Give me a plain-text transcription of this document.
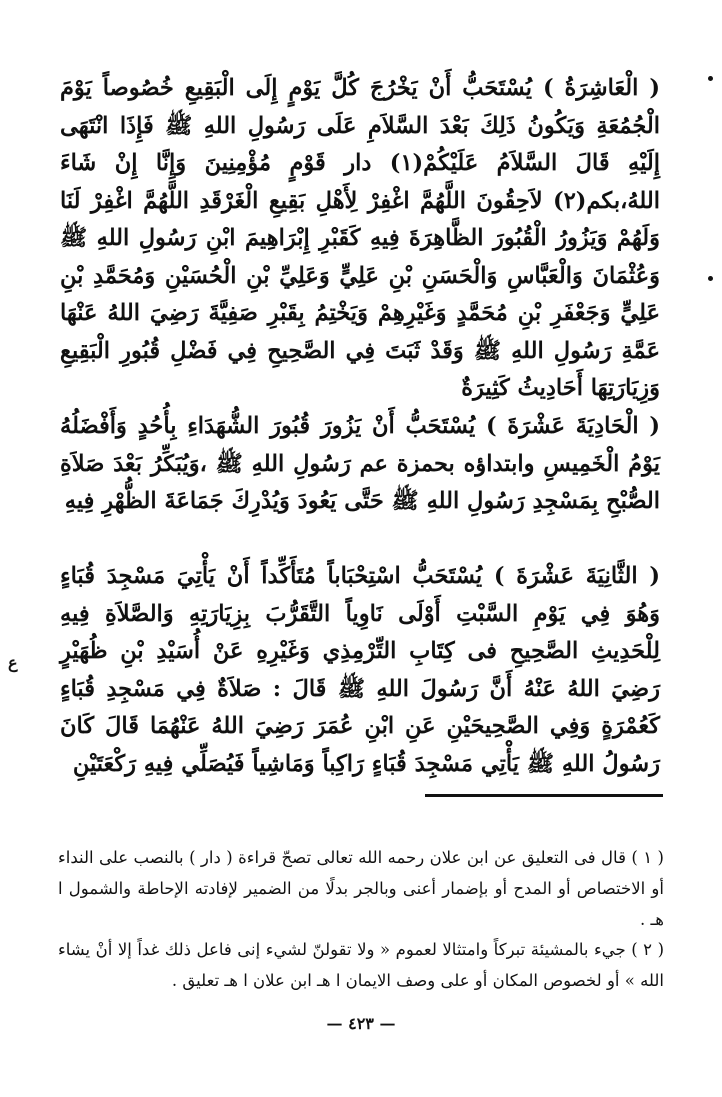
ع

( الْعَاشِرَةُ ) يُسْتَحَبُّ أَنْ يَخْرُجَ كُلَّ يَوْمٍ إِلَى الْبَقِيعِ خُصُوصاً يَوْمَ الْجُمُعَةِ وَيَكُونُ ذَلِكَ بَعْدَ السَّلاَمِ عَلَى رَسُولِ اللهِ ﷺ فَإِذَا انْتَهَى إِلَيْهِ قَالَ السَّلاَمُ عَلَيْكُمْ(١) دار قَوْمٍ مُؤْمِنِينَ وَإِنَّا إِنْ شَاءَ اللهُ،بكم(٢) لاَحِقُونَ اللَّهُمَّ اغْفِرْ لِأَهْلِ بَقِيعِ الْغَرْقَدِ اللَّهُمَّ اغْفِرْ لَنَا وَلَهُمْ وَيَزُورُ الْقُبُورَ الظَّاهِرَةَ فِيهِ كَقَبْرِ إِبْرَاهِيمَ ابْنِ رَسُولِ اللهِ ﷺ وَعُثْمَانَ وَالْعَبَّاسِ وَالْحَسَنِ بْنِ عَلِيٍّ وَعَلِيِّ بْنِ الْحُسَيْنِ وَمُحَمَّدِ بْنِ عَلِيٍّ وَجَعْفَرِ بْنِ مُحَمَّدٍ وَغَيْرِهِمْ وَيَخْتِمُ بِقَبْرِ صَفِيَّةَ رَضِيَ اللهُ عَنْهَا عَمَّةِ رَسُولِ اللهِ ﷺ وَقَدْ ثَبَتَ فِي الصَّحِيحِ فِي فَضْلِ قُبُورِ الْبَقِيعِ وَزِيَارَتِهَا أَحَادِيثُ كَثِيرَةٌ

( الْحَادِيَةَ عَشْرَةَ ) يُسْتَحَبُّ أَنْ يَزُورَ قُبُورَ الشُّهَدَاءِ بِأُحُدٍ وَأَفْضَلُهُ يَوْمُ الْخَمِيسِ وابتداؤه بحمزة عم رَسُولِ اللهِ ﷺ ،وَيُبَكِّرُ بَعْدَ صَلاَةِ الصُّبْحِ بِمَسْجِدِ رَسُولِ اللهِ ﷺ حَتَّى يَعُودَ وَيُدْرِكَ جَمَاعَةَ الظُّهْرِ فِيهِ

( الثَّانِيَةَ عَشْرَةَ ) يُسْتَحَبُّ اسْتِحْبَاباً مُتَأَكِّداً أَنْ يَأْتِيَ مَسْجِدَ قُبَاءٍ وَهُوَ فِي يَوْمِ السَّبْتِ أَوْلَى نَاوِياً التَّقَرُّبَ بِزِيَارَتِهِ وَالصَّلاَةِ فِيهِ لِلْحَدِيثِ الصَّحِيحِ فى كِتَابِ التِّرْمِذِي وَغَيْرِهِ عَنْ أُسَيْدِ بْنِ ظُهَيْرٍ رَضِيَ اللهُ عَنْهُ أَنَّ رَسُولَ اللهِ ﷺ قَالَ : صَلاَةٌ فِي مَسْجِدِ قُبَاءٍ كَعُمْرَةٍ وَفِي الصَّحِيحَيْنِ عَنِ ابْنِ عُمَرَ رَضِيَ اللهُ عَنْهُمَا قَالَ كَانَ رَسُولُ اللهِ ﷺ يَأْتِي مَسْجِدَ قُبَاءٍ رَاكِباً وَمَاشِياً فَيُصَلِّي فِيهِ رَكْعَتَيْنِ

( ١ ) قال فى التعليق عن ابن علان رحمه الله تعالى تصحّ قراءة ( دار ) بالنصب على النداء أو الاختصاص أو المدح أو بإضمار أعنى وبالجر بدلًا من الضمير لإفادته الإحاطة والشمول ا هـ .

( ٢ ) جيء بالمشيئة تبركاً وامتثالا لعموم « ولا تقولنّ لشيء إنى فاعل ذلك غداً إلا أنْ يشاء الله » أو لخصوص المكان أو على وصف الايمان ا هـ ابن علان ا هـ تعليق .

— ٤٢٣ —
